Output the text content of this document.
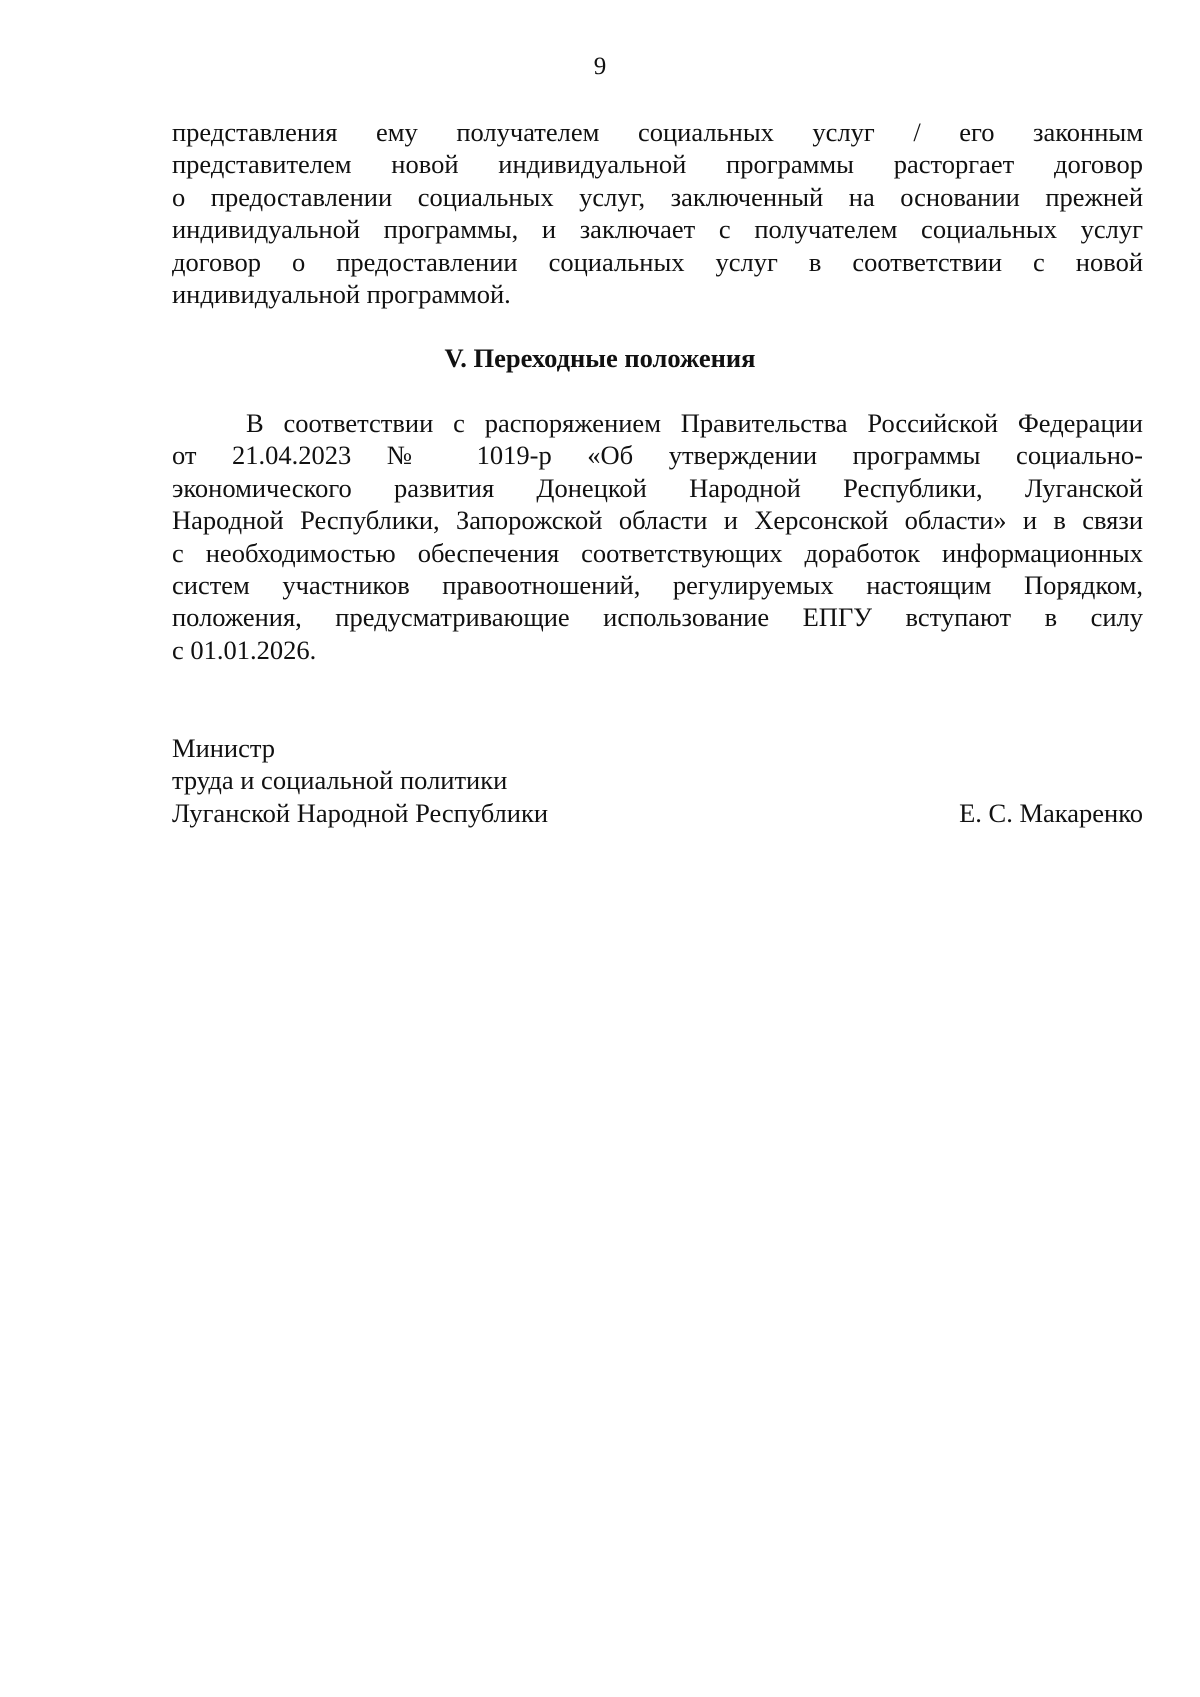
9
представления ему получателем социальных услуг / его законным
представителем новой индивидуальной программы расторгает договор
о предоставлении социальных услуг, заключенный на основании прежней
индивидуальной программы, и заключает с получателем социальных услуг
договор о предоставлении социальных услуг в соответствии с новой
индивидуальной программой.
V. Переходные положения
В соответствии с распоряжением Правительства Российской Федерации
от 21.04.2023 № 1019-р «Об утверждении программы социально-
экономического развития Донецкой Народной Республики, Луганской
Народной Республики, Запорожской области и Херсонской области» и в связи
с необходимостью обеспечения соответствующих доработок информационных
систем участников правоотношений, регулируемых настоящим Порядком,
положения, предусматривающие использование ЕПГУ вступают в силу
с 01.01.2026.
Министр
труда и социальной политики
Луганской Народной Республики	Е. С. Макаренко
